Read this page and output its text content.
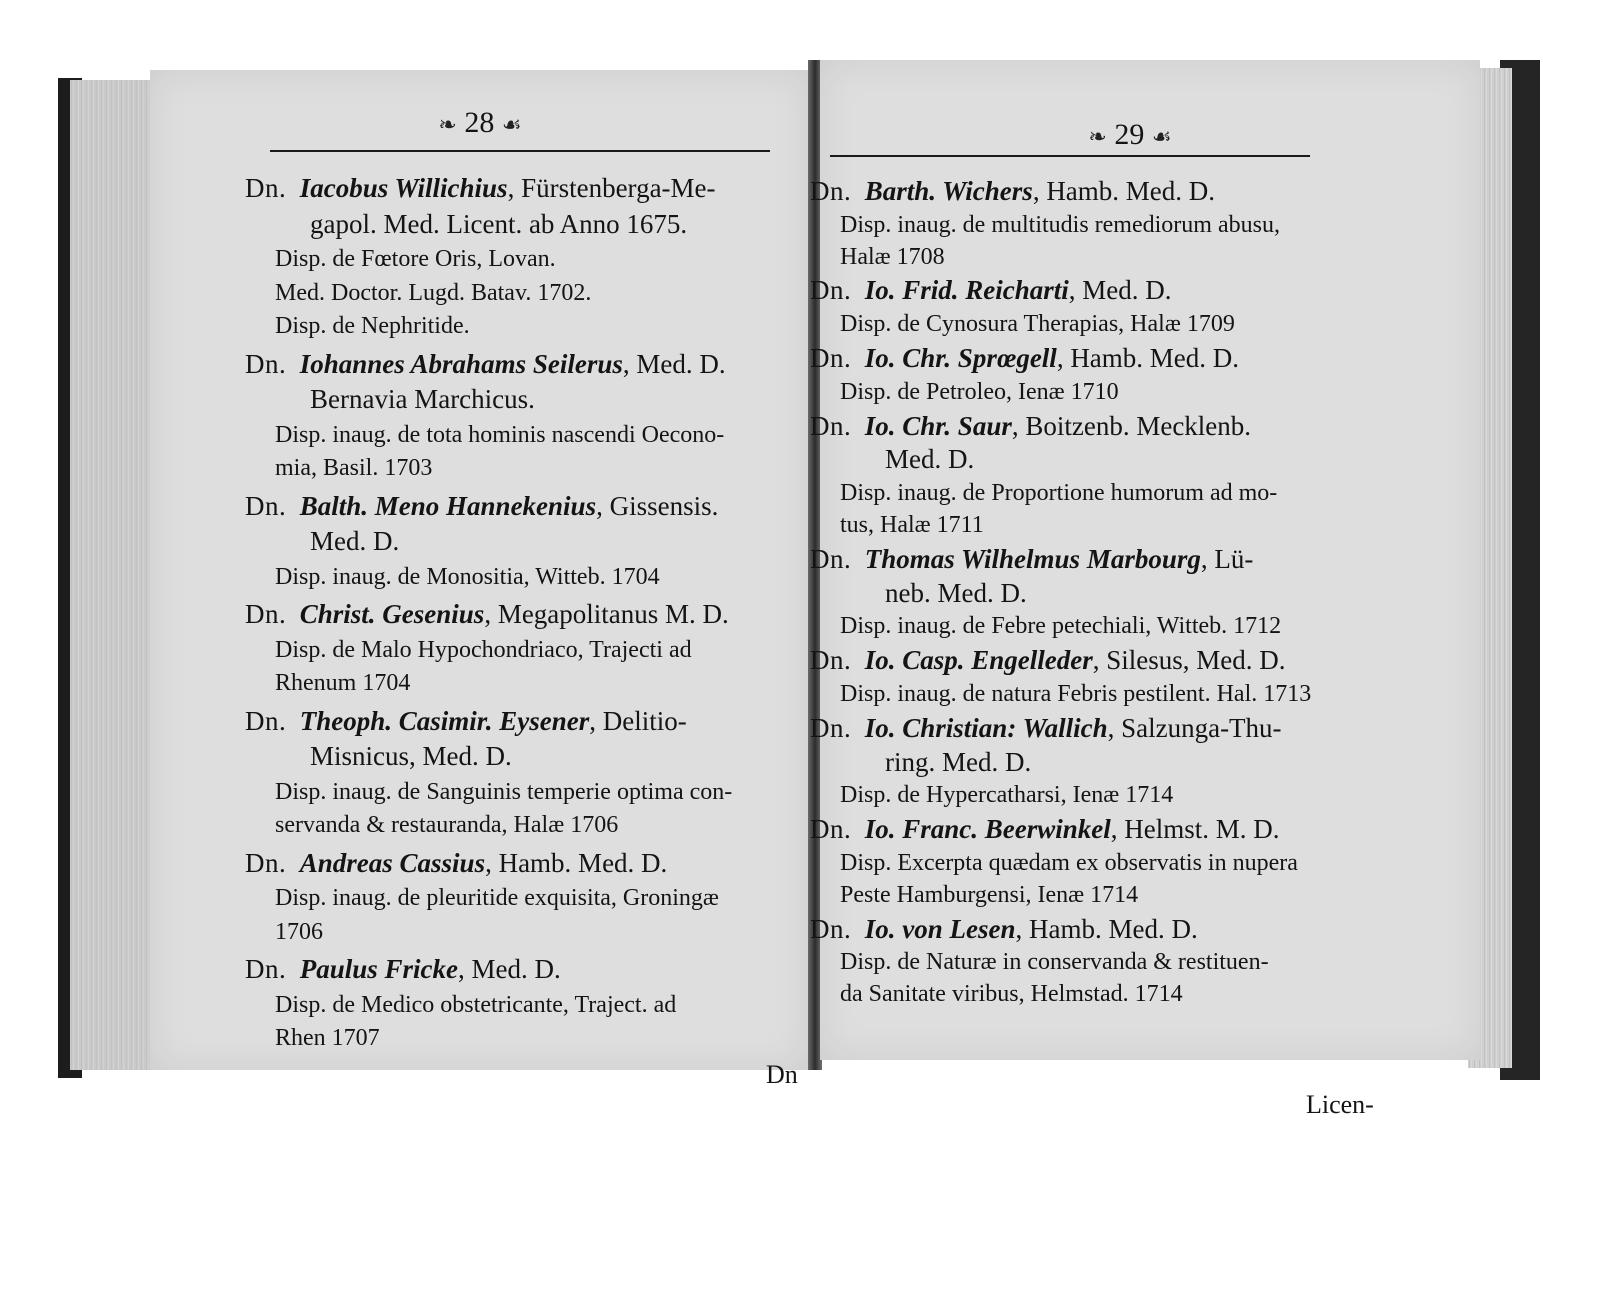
❧ 28 ☙
Dn. Iacobus Willichius, Fürstenberga-Me-
gapol. Med. Licent. ab Anno 1675.
Disp. de Fœtore Oris, Lovan.
Med. Doctor. Lugd. Batav. 1702.
Disp. de Nephritide.
Dn. Iohannes Abrahams Seilerus, Med. D.
Bernavia Marchicus.
Disp. inaug. de tota hominis nascendi Oecono-
mia, Basil. 1703
Dn. Balth. Meno Hannekenius, Gissensis.
Med. D.
Disp. inaug. de Monositia, Witteb. 1704
Dn. Christ. Gesenius, Megapolitanus M. D.
Disp. de Malo Hypochondriaco, Trajecti ad
Rhenum 1704
Dn. Theoph. Casimir. Eysener, Delitio-
Misnicus, Med. D.
Disp. inaug. de Sanguinis temperie optima con-
servanda & restauranda, Halæ 1706
Dn. Andreas Cassius, Hamb. Med. D.
Disp. inaug. de pleuritide exquisita, Groningæ
1706
Dn. Paulus Fricke, Med. D.
Disp. de Medico obstetricante, Traject. ad
Rhen 1707
Dn
❧ 29 ☙
Dn. Barth. Wichers, Hamb. Med. D.
Disp. inaug. de multitudis remediorum abusu,
Halæ 1708
Dn. Io. Frid. Reicharti, Med. D.
Disp. de Cynosura Therapias, Halæ 1709
Dn. Io. Chr. Sprœgell, Hamb. Med. D.
Disp. de Petroleo, Ienæ 1710
Dn. Io. Chr. Saur, Boitzenb. Mecklenb.
Med. D.
Disp. inaug. de Proportione humorum ad mo-
tus, Halæ 1711
Dn. Thomas Wilhelmus Marbourg, Lü-
neb. Med. D.
Disp. inaug. de Febre petechiali, Witteb. 1712
Dn. Io. Casp. Engelleder, Silesus, Med. D.
Disp. inaug. de natura Febris pestilent. Hal. 1713
Dn. Io. Christian: Wallich, Salzunga-Thu-
ring. Med. D.
Disp. de Hypercatharsi, Ienæ 1714
Dn. Io. Franc. Beerwinkel, Helmst. M. D.
Disp. Excerpta quædam ex observatis in nupera
Peste Hamburgensi, Ienæ 1714
Dn. Io. von Lesen, Hamb. Med. D.
Disp. de Naturæ in conservanda & restituen-
da Sanitate viribus, Helmstad. 1714
Licen-
